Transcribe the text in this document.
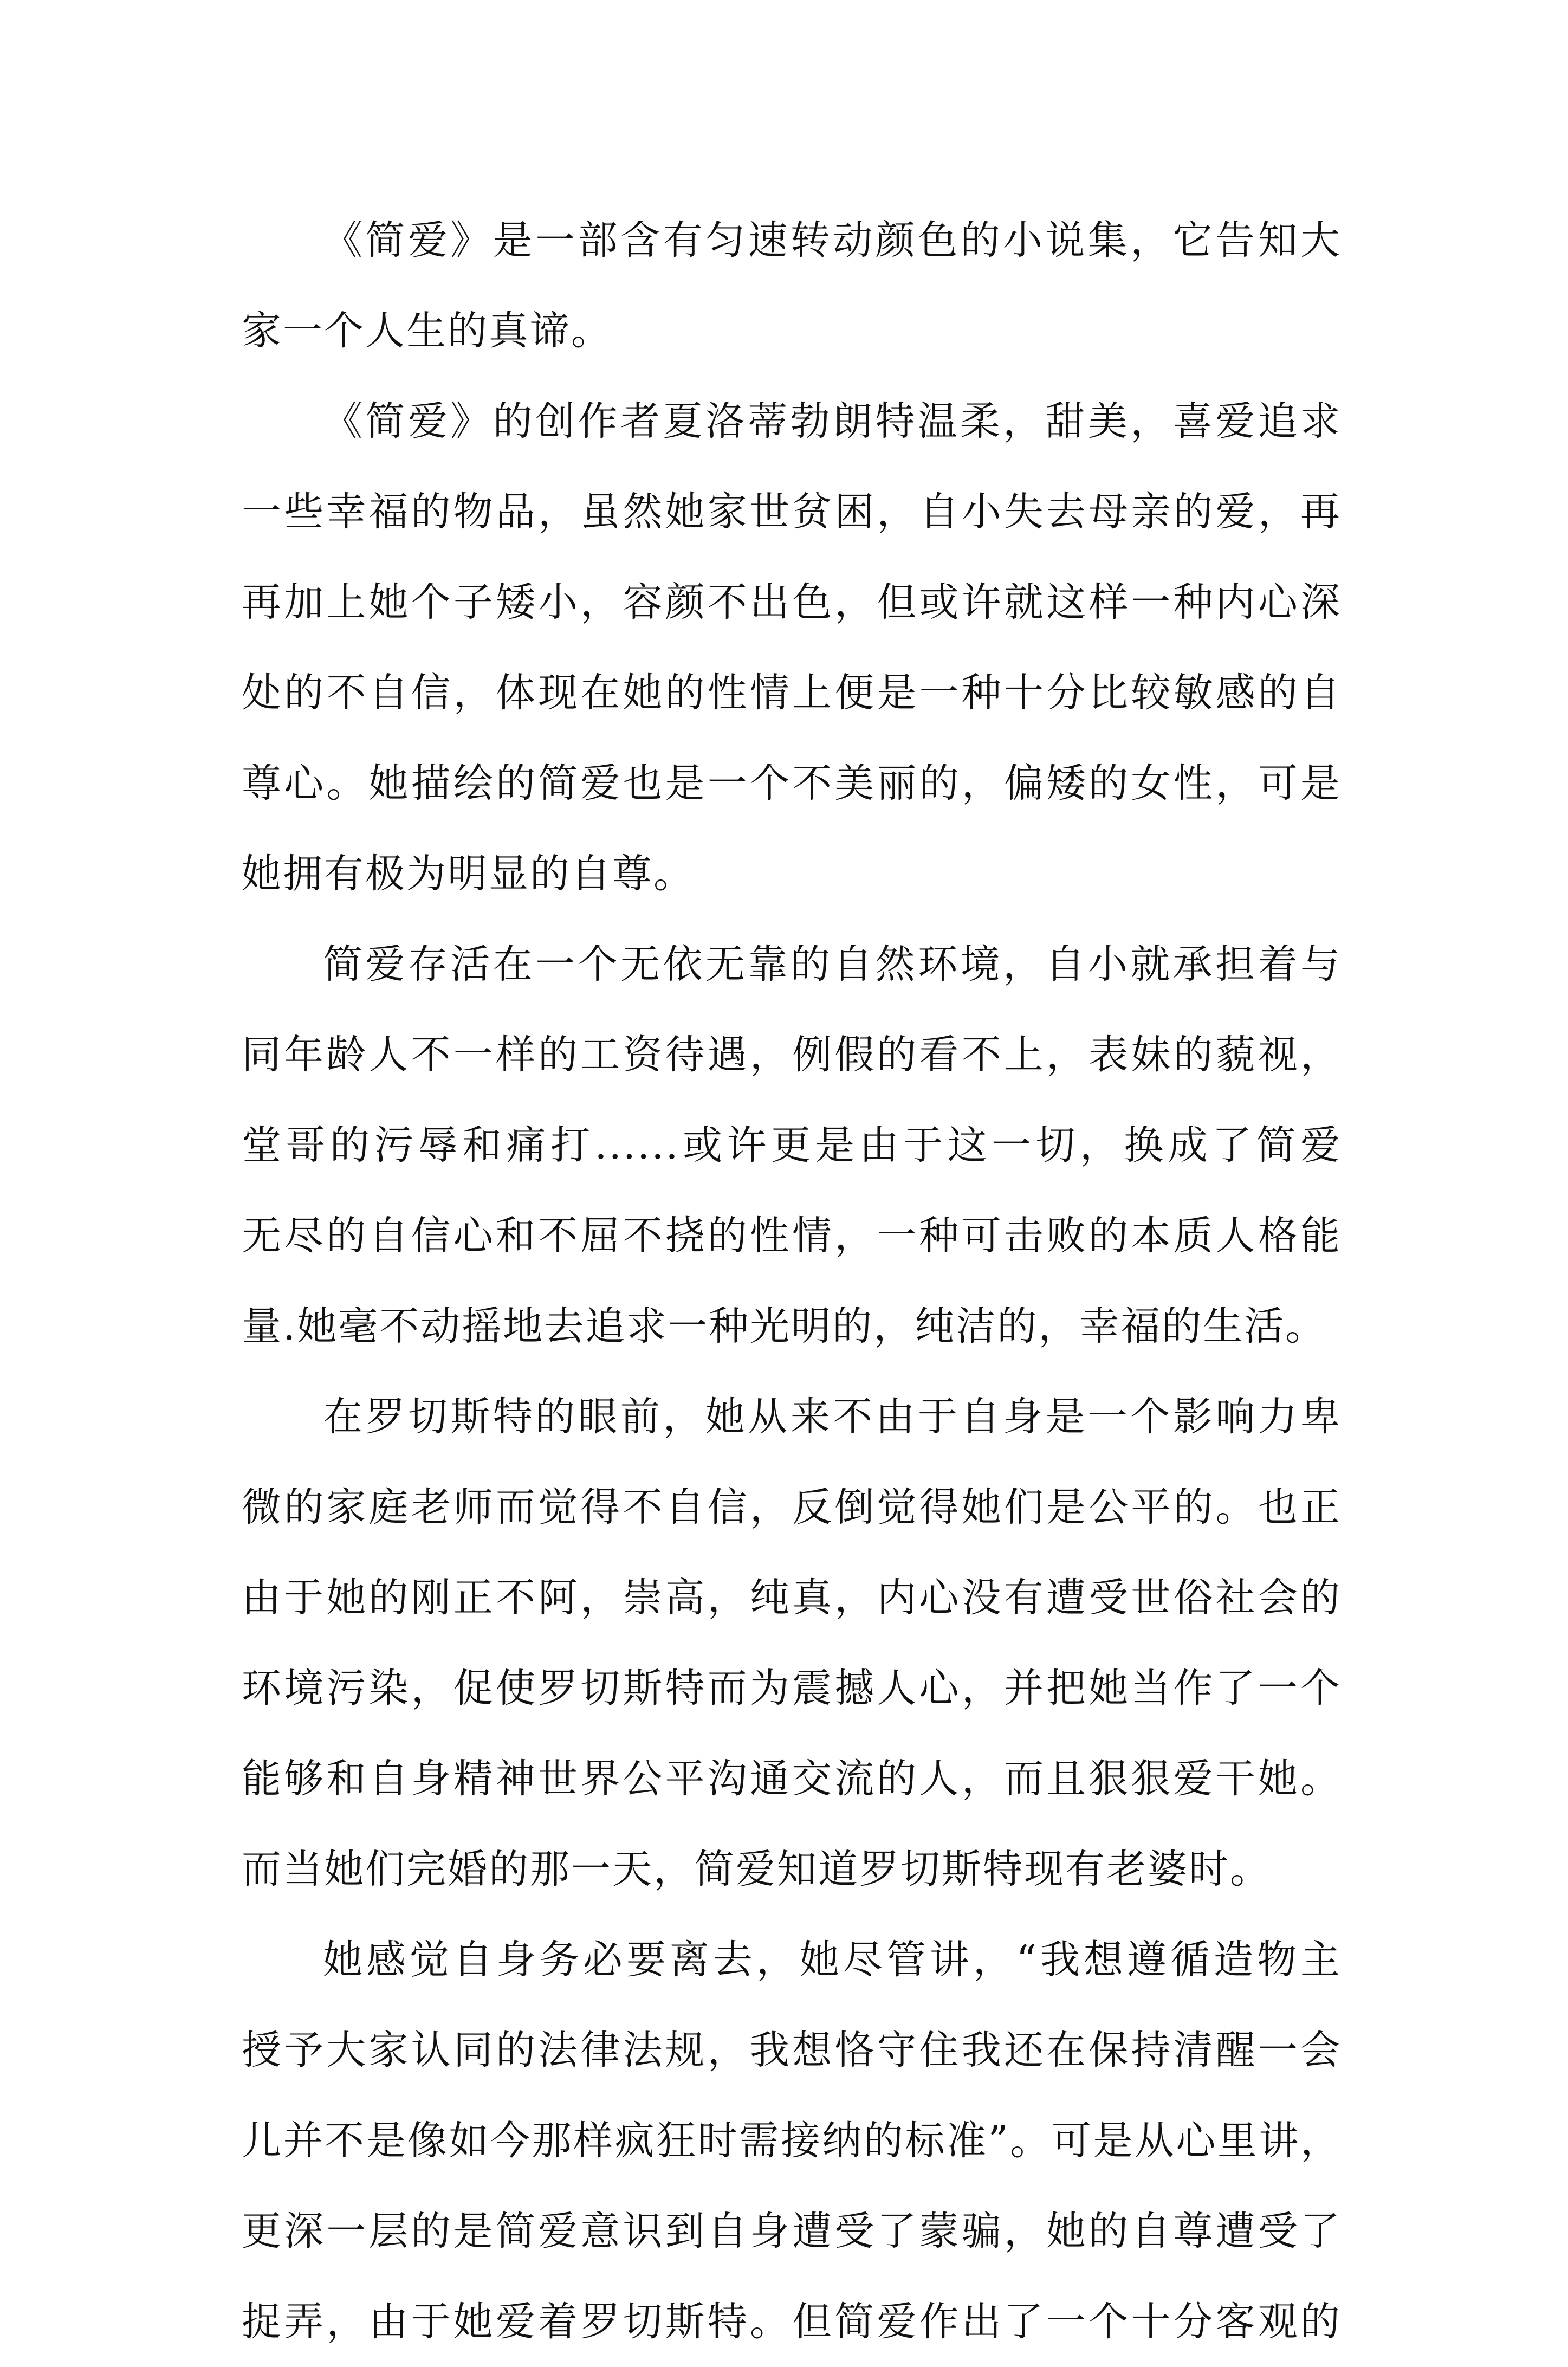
《简爱》是一部含有匀速转动颜色的小说集，它告知大
家一个人生的真谛。
《简爱》的创作者夏洛蒂勃朗特温柔，甜美，喜爱追求
一些幸福的物品，虽然她家世贫困，自小失去母亲的爱，再
再加上她个子矮小，容颜不出色，但或许就这样一种内心深
处的不自信，体现在她的性情上便是一种十分比较敏感的自
尊心。她描绘的简爱也是一个不美丽的，偏矮的女性，可是
她拥有极为明显的自尊。
简爱存活在一个无依无靠的自然环境，自小就承担着与
同年龄人不一样的工资待遇，例假的看不上，表妹的藐视，
堂哥的污辱和痛打......或许更是由于这一切，换成了简爱
无尽的自信心和不屈不挠的性情，一种可击败的本质人格能
量.她毫不动摇地去追求一种光明的，纯洁的，幸福的生活。
在罗切斯特的眼前，她从来不由于自身是一个影响力卑
微的家庭老师而觉得不自信，反倒觉得她们是公平的。也正
由于她的刚正不阿，崇高，纯真，内心没有遭受世俗社会的
环境污染，促使罗切斯特而为震撼人心，并把她当作了一个
能够和自身精神世界公平沟通交流的人，而且狠狠爱干她。
而当她们完婚的那一天，简爱知道罗切斯特现有老婆时。
她感觉自身务必要离去，她尽管讲，“我想遵循造物主
授予大家认同的法律法规，我想恪守住我还在保持清醒一会
儿并不是像如今那样疯狂时需接纳的标准”。可是从心里讲，
更深一层的是简爱意识到自身遭受了蒙骗，她的自尊遭受了
捉弄，由于她爱着罗切斯特。但简爱作出了一个十分客观的
